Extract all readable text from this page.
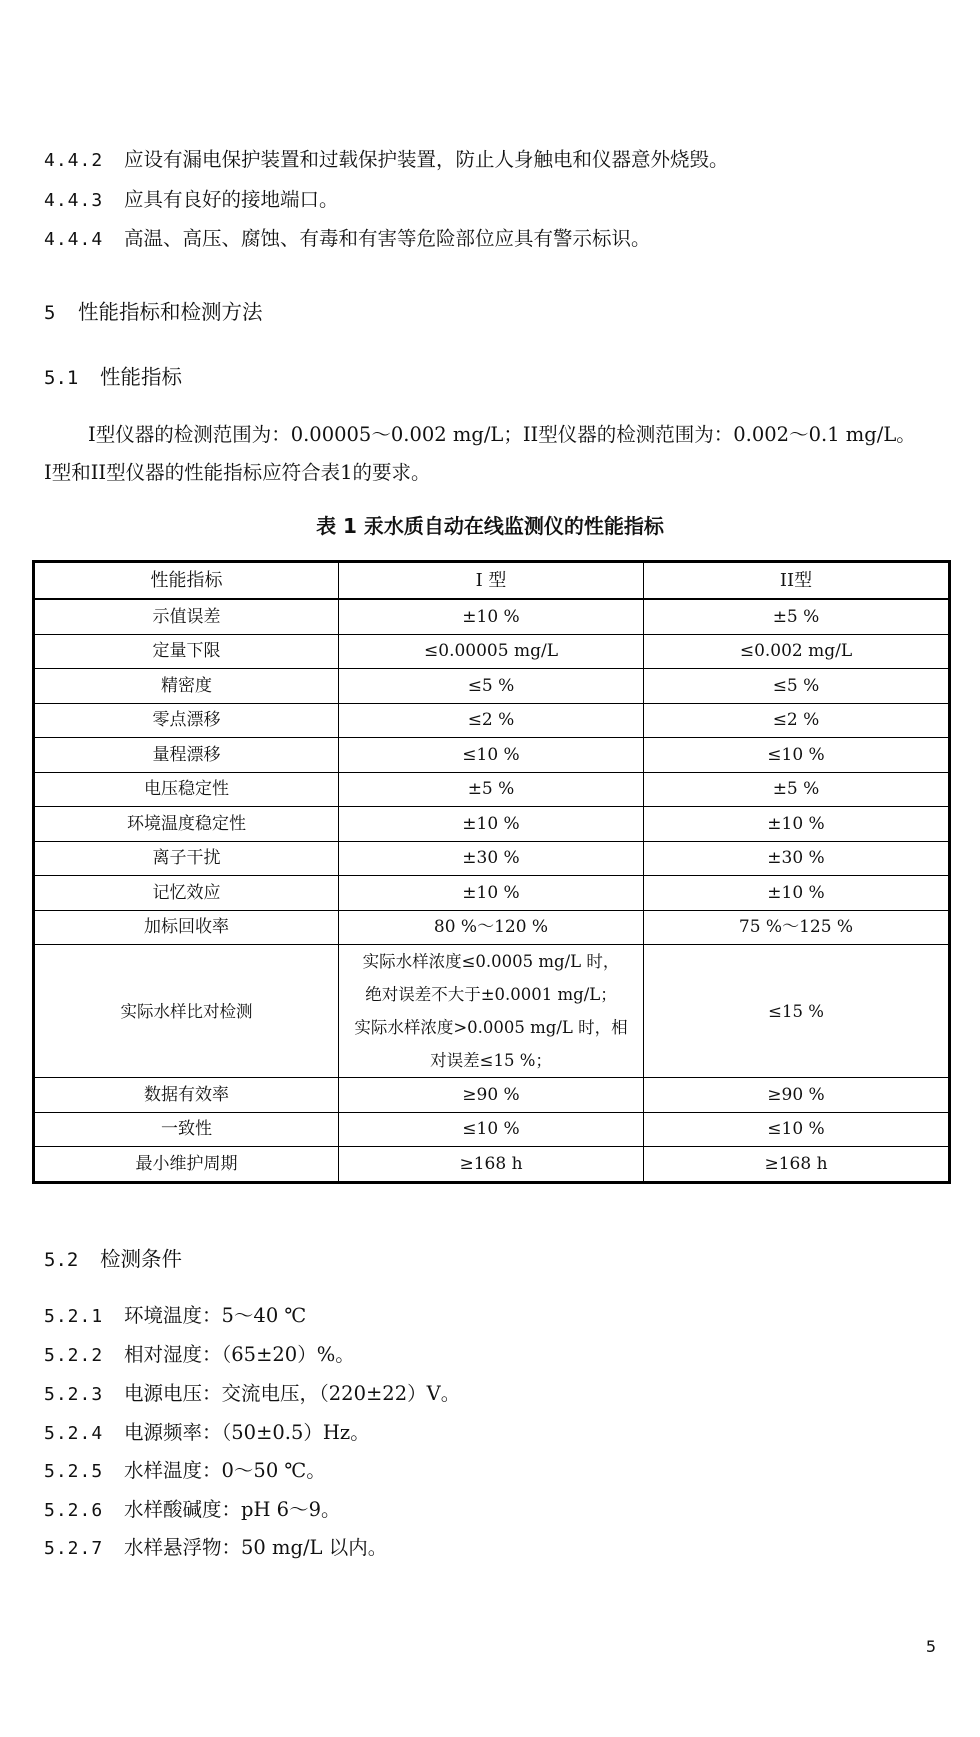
4.4.2 应设有漏电保护装置和过载保护装置，防止人身触电和仪器意外烧毁。
4.4.3 应具有良好的接地端口。
4.4.4 高温、高压、腐蚀、有毒和有害等危险部位应具有警示标识。
5 性能指标和检测方法
5.1 性能指标
I型仪器的检测范围为：0.00005～0.002 mg/L；II型仪器的检测范围为：0.002～0.1 mg/L。
I型和II型仪器的性能指标应符合表1的要求。
表 1 汞水质自动在线监测仪的性能指标
性能指标	I 型	II型
示值误差	±10 %	±5 %
定量下限	≤0.00005 mg/L	≤0.002 mg/L
精密度	≤5 %	≤5 %
零点漂移	≤2 %	≤2 %
量程漂移	≤10 %	≤10 %
电压稳定性	±5 %	±5 %
环境温度稳定性	±10 %	±10 %
离子干扰	±30 %	±30 %
记忆效应	±10 %	±10 %
加标回收率	80 %～120 %	75 %～125 %
实际水样比对检测	实际水样浓度≤0.0005 mg/L 时，
绝对误差不大于±0.0001 mg/L；
实际水样浓度>0.0005 mg/L 时，相
对误差≤15 %；	≤15 %
数据有效率	≥90 %	≥90 %
一致性	≤10 %	≤10 %
最小维护周期	≥168 h	≥168 h
5.2 检测条件
5.2.1 环境温度：5～40 ℃
5.2.2 相对湿度：（65±20）%。
5.2.3 电源电压：交流电压，（220±22）V。
5.2.4 电源频率：（50±0.5）Hz。
5.2.5 水样温度：0～50 ℃。
5.2.6 水样酸碱度：pH 6～9。
5.2.7 水样悬浮物：50 mg/L 以内。
5
